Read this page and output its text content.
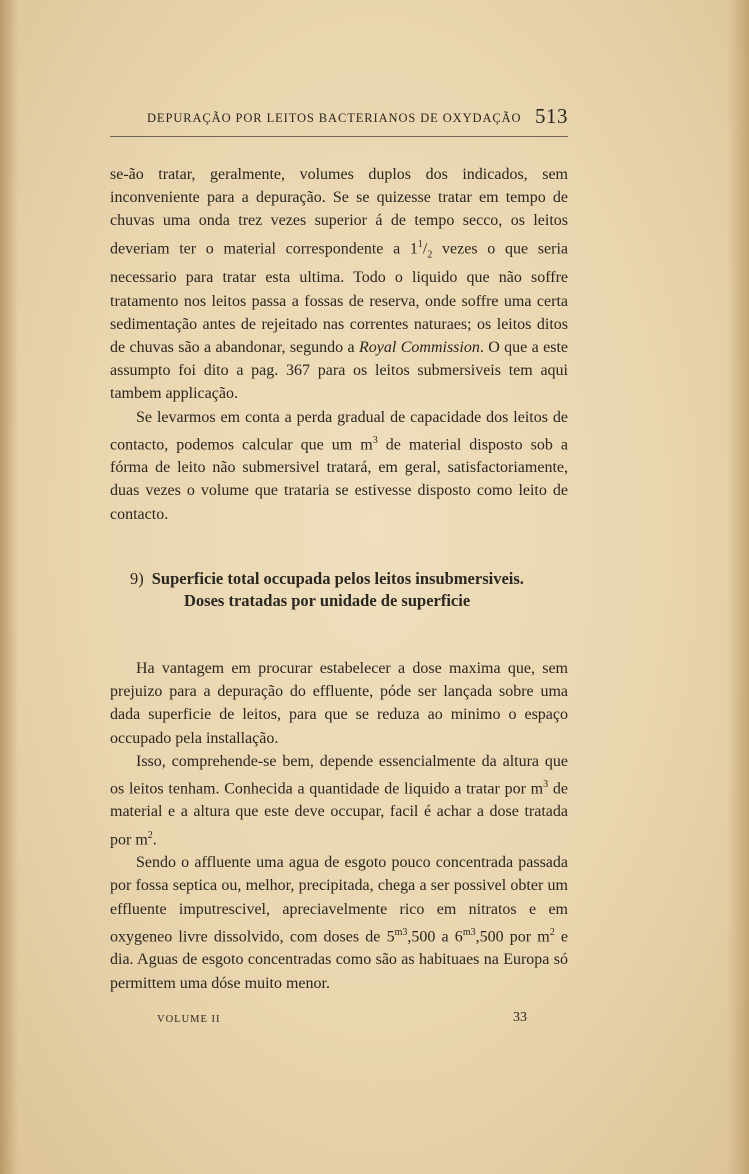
DEPURAÇÃO POR LEITOS BACTERIANOS DE OXYDAÇÃO 513

se-ão tratar, geralmente, volumes duplos dos indicados, sem inconveniente para a depuração. Se se quizesse tratar em tempo de chuvas uma onda trez vezes superior á de tempo secco, os leitos deveriam ter o material correspondente a $1^1/_2$ vezes o que seria necessario para tratar esta ultima. Todo o liquido que não soffre tratamento nos leitos passa a fossas de reserva, onde soffre uma certa sedimentação antes de rejeitado nas correntes naturaes; os leitos ditos de chuvas são a abandonar, segundo a Royal Commission. O que a este assumpto foi dito a pag. 367 para os leitos submersiveis tem aqui tambem applicação.

Se levarmos em conta a perda gradual de capacidade dos leitos de contacto, podemos calcular que um $m^3$ de material disposto sob a fórma de leito não submersivel tratará, em geral, satisfactoriamente, duas vezes o volume que trataria se estivesse disposto como leito de contacto.

9) Superficie total occupada pelos leitos insubmersiveis.
Doses tratadas por unidade de superficie

Ha vantagem em procurar estabelecer a dose maxima que, sem prejuizo para a depuração do effluente, póde ser lançada sobre uma dada superficie de leitos, para que se reduza ao minimo o espaço occupado pela installação.

Isso, comprehende-se bem, depende essencialmente da altura que os leitos tenham. Conhecida a quantidade de liquido a tratar por $m^3$ de material e a altura que este deve occupar, facil é achar a dose tratada por $m^2$.

Sendo o affluente uma agua de esgoto pouco concentrada passada por fossa septica ou, melhor, precipitada, chega a ser possivel obter um effluente imputrescivel, apreciavelmente rico em nitratos e em oxygeneo livre dissolvido, com doses de $5^{m3},500$ a $6^{m3},500$ por $m^2$ e dia. Aguas de esgoto concentradas como são as habituaes na Europa só permittem uma dóse muito menor.

VOLUME II	33
